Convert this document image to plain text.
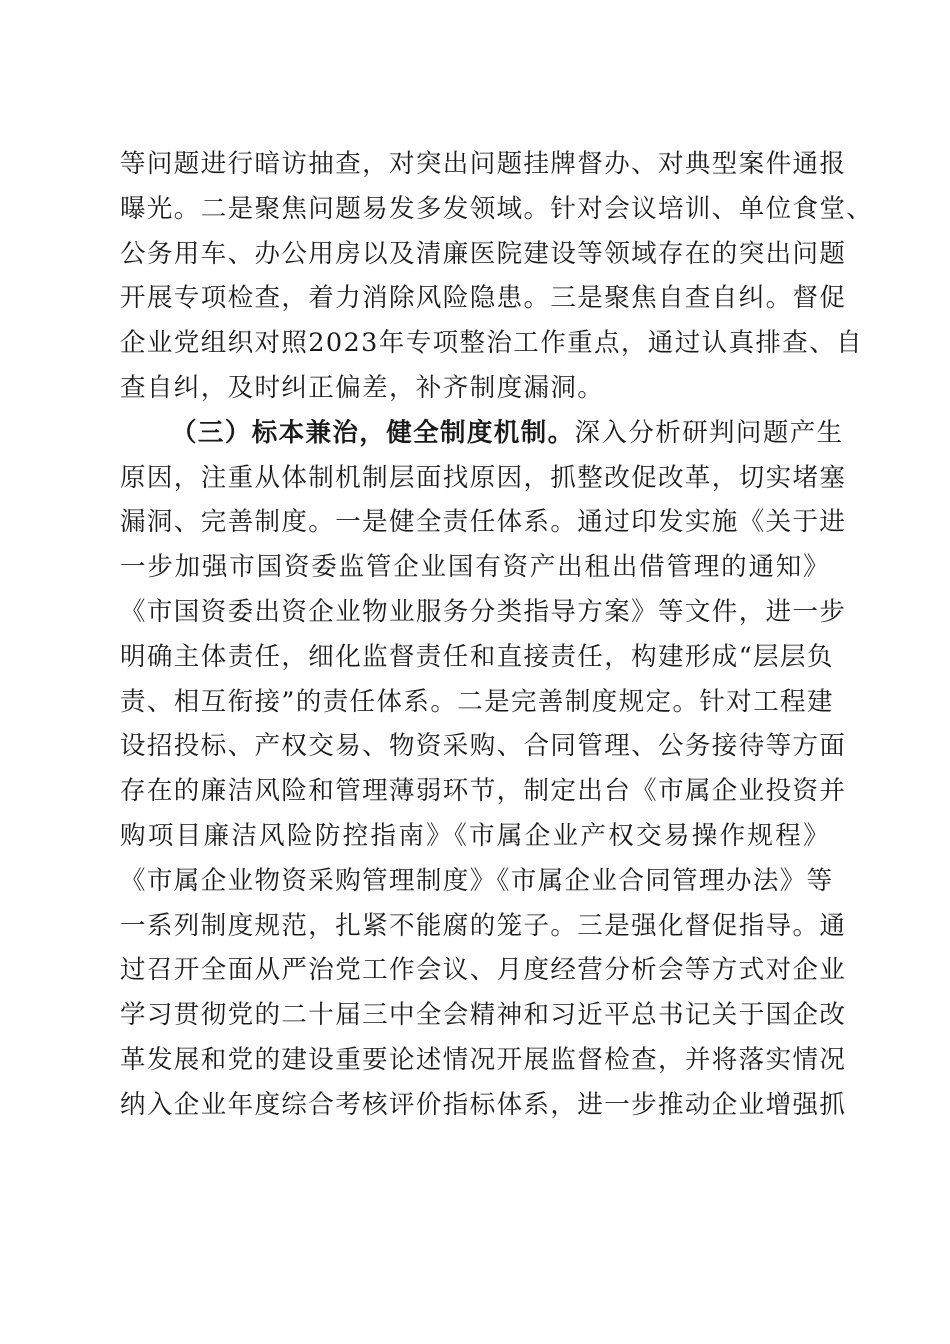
等问题进行暗访抽查，对突出问题挂牌督办、对典型案件通报
曝光。二是聚焦问题易发多发领域。针对会议培训、单位食堂、
公务用车、办公用房以及清廉医院建设等领域存在的突出问题
开展专项检查，着力消除风险隐患。三是聚焦自查自纠。督促
企业党组织对照2023年专项整治工作重点，通过认真排查、自
查自纠，及时纠正偏差，补齐制度漏洞。
（三）标本兼治，健全制度机制。深入分析研判问题产生
原因，注重从体制机制层面找原因，抓整改促改革，切实堵塞
漏洞、完善制度。一是健全责任体系。通过印发实施《关于进
一步加强市国资委监管企业国有资产出租出借管理的通知》
《市国资委出资企业物业服务分类指导方案》等文件，进一步
明确主体责任，细化监督责任和直接责任，构建形成“层层负
责、相互衔接”的责任体系。二是完善制度规定。针对工程建
设招投标、产权交易、物资采购、合同管理、公务接待等方面
存在的廉洁风险和管理薄弱环节，制定出台《市属企业投资并
购项目廉洁风险防控指南》《市属企业产权交易操作规程》
《市属企业物资采购管理制度》《市属企业合同管理办法》等
一系列制度规范，扎紧不能腐的笼子。三是强化督促指导。通
过召开全面从严治党工作会议、月度经营分析会等方式对企业
学习贯彻党的二十届三中全会精神和习近平总书记关于国企改
革发展和党的建设重要论述情况开展监督检查，并将落实情况
纳入企业年度综合考核评价指标体系，进一步推动企业增强抓
